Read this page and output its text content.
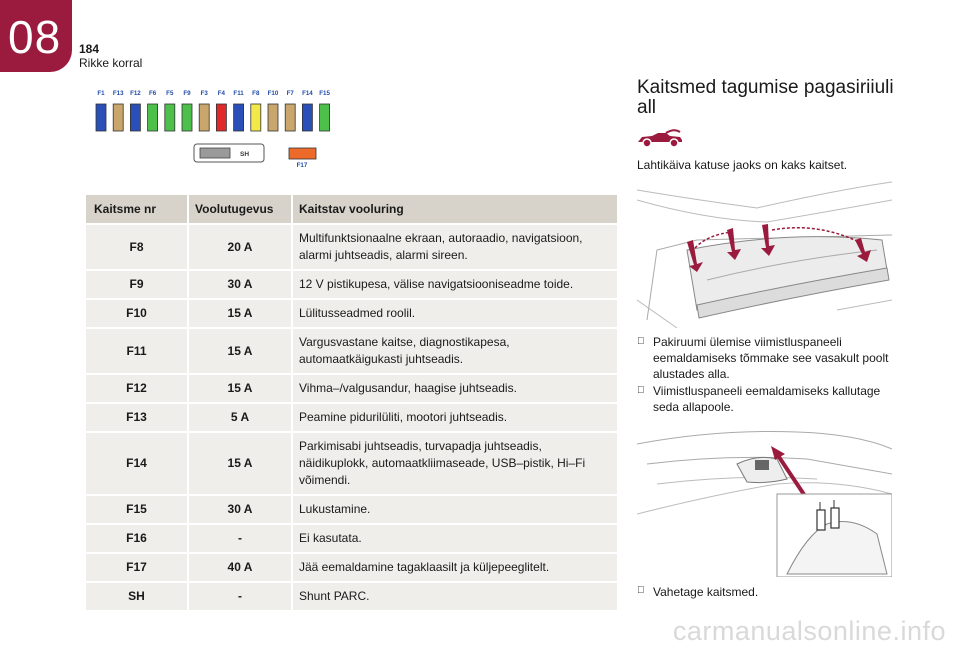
08 184
Rikke korral
F1 F13 F12 F6 F5 F9 F3 F4 F11 F8 F10 F7 F14 F15
SH
F17
Kaitsme nr	Voolutugevus	Kaitstav vooluring
F8	20 A	Multifunktsionaalne ekraan, autoraadio, navigatsioon, alarmi juhtseadis, alarmi sireen.
F9	30 A	12 V pistikupesa, välise navigatsiooniseadme toide.
F10	15 A	Lülitusseadmed roolil.
F11	15 A	Vargusvastane kaitse, diagnostikapesa, automaatkäigukasti juhtseadis.
F12	15 A	Vihma–/valgusandur, haagise juhtseadis.
F13	5 A	Peamine pidurilüliti, mootori juhtseadis.
F14	15 A	Parkimisabi juhtseadis, turvapadja juhtseadis, näidikuplokk, automaatkliimaseade, USB–pistik, Hi–Fi võimendi.
F15	30 A	Lukustamine.
F16	-	Ei kasutata.
F17	40 A	Jää eemaldamine tagaklaasilt ja küljepeeglitelt.
SH	-	Shunt PARC.
Kaitsmed tagumise pagasiriiuli all
Lahtikäiva katuse jaoks on kaks kaitset.
Pakiruumi ülemise viimistluspaneeli eemaldamiseks tõmmake see vasakult poolt alustades alla.
Viimistluspaneeli eemaldamiseks kallutage seda allapoole.
Vahetage kaitsmed.
carmanualsonline.info
